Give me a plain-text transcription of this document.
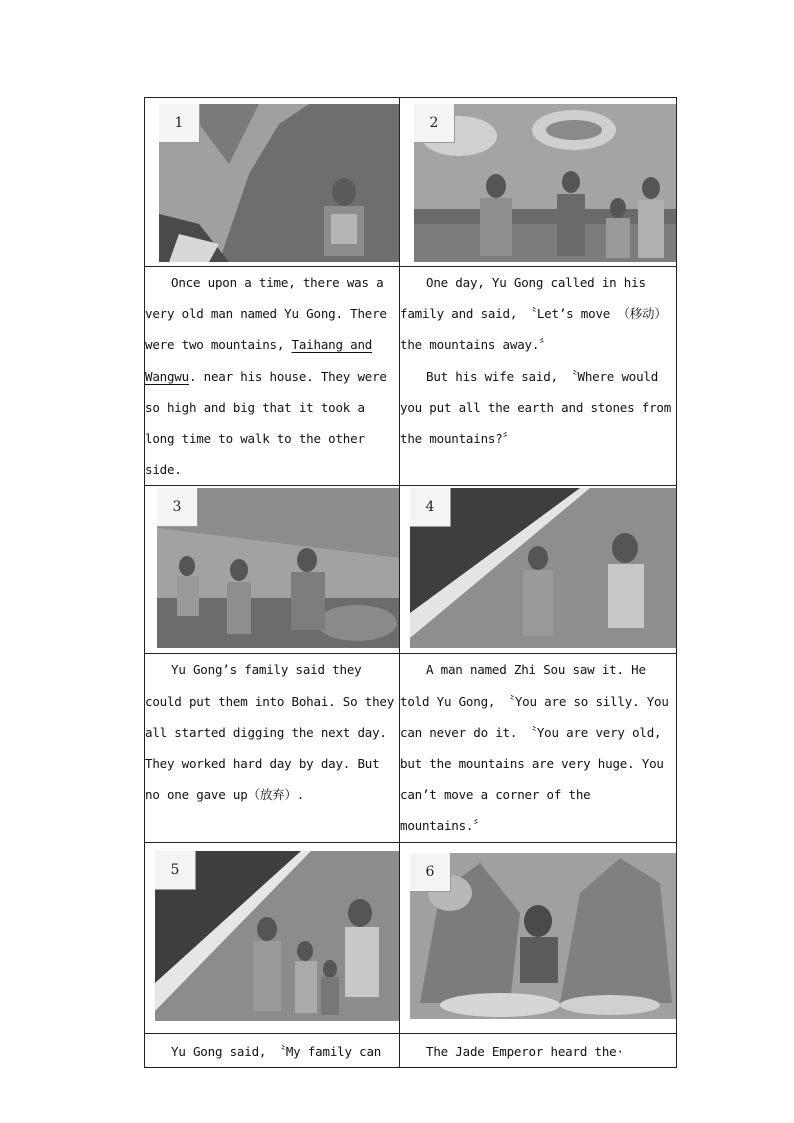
1	2

Once upon a time, there was a very old man named Yu Gong. There were two mountains, Taihang and Wangwu. near his house. They were so high and big that it took a long time to walk to the other side.	One day, Yu Gong called in his family and said, 〝Let’s move （移动） the mountains away.〞

But his wife said, 〝Where would you put all the earth and stones from the mountains?〞

3	4

Yu Gong’s family said they could put them into Bohai. So they all started digging the next day. They worked hard day by day. But no one gave up（放弃）.	A man named Zhi Sou saw it. He told Yu Gong, 〝You are so silly. You can never do it. 〝You are very old, but the mountains are very huge. You can’t move a corner of the mountains.〞

5	6

Yu Gong said, 〝My family can	The Jade Emperor heard the·
